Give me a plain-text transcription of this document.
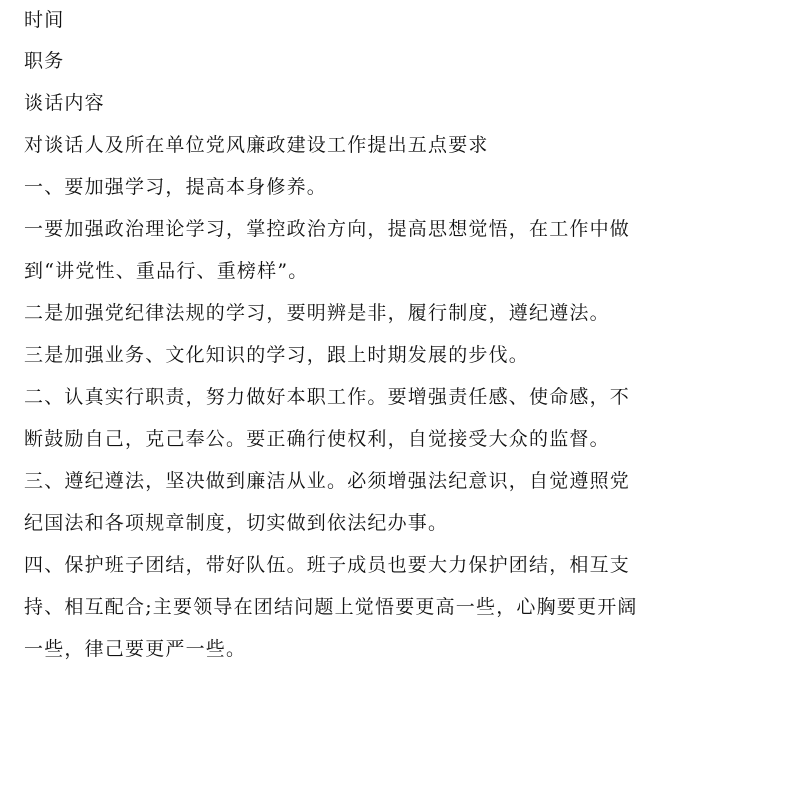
时间

职务

谈话内容

对谈话人及所在单位党风廉政建设工作提出五点要求

一、要加强学习，提高本身修养。

一要加强政治理论学习，掌控政治方向，提高思想觉悟，在工作中做

到“讲党性、重品行、重榜样”。

二是加强党纪律法规的学习，要明辨是非，履行制度，遵纪遵法。

三是加强业务、文化知识的学习，跟上时期发展的步伐。

二、认真实行职责，努力做好本职工作。要增强责任感、使命感，不

断鼓励自己，克己奉公。要正确行使权利，自觉接受大众的监督。

三、遵纪遵法，坚决做到廉洁从业。必须增强法纪意识，自觉遵照党

纪国法和各项规章制度，切实做到依法纪办事。

四、保护班子团结，带好队伍。班子成员也要大力保护团结，相互支

持、相互配合;主要领导在团结问题上觉悟要更高一些，心胸要更开阔

一些，律己要更严一些。
